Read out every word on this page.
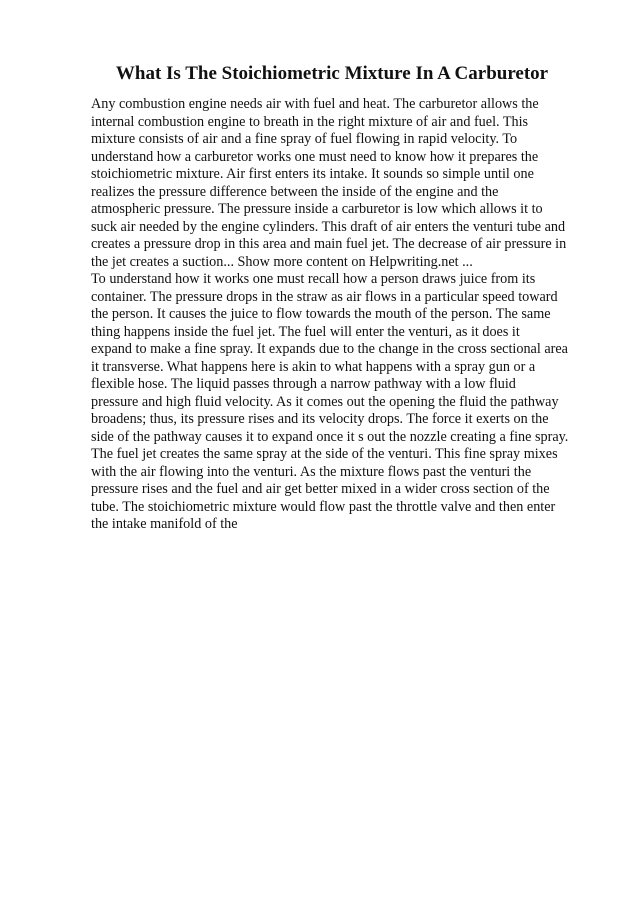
What Is The Stoichiometric Mixture In A Carburetor
Any combustion engine needs air with fuel and heat. The carburetor allows the
internal combustion engine to breath in the right mixture of air and fuel. This
mixture consists of air and a fine spray of fuel flowing in rapid velocity. To
understand how a carburetor works one must need to know how it prepares the
stoichiometric mixture. Air first enters its intake. It sounds so simple until one
realizes the pressure difference between the inside of the engine and the
atmospheric pressure. The pressure inside a carburetor is low which allows it to
suck air needed by the engine cylinders. This draft of air enters the venturi tube and
creates a pressure drop in this area and main fuel jet. The decrease of air pressure in
the jet creates a suction... Show more content on Helpwriting.net ...
To understand how it works one must recall how a person draws juice from its
container. The pressure drops in the straw as air flows in a particular speed toward
the person. It causes the juice to flow towards the mouth of the person. The same
thing happens inside the fuel jet. The fuel will enter the venturi, as it does it
expand to make a fine spray. It expands due to the change in the cross sectional area
it transverse. What happens here is akin to what happens with a spray gun or a
flexible hose. The liquid passes through a narrow pathway with a low fluid
pressure and high fluid velocity. As it comes out the opening the fluid the pathway
broadens; thus, its pressure rises and its velocity drops. The force it exerts on the
side of the pathway causes it to expand once it s out the nozzle creating a fine spray.
The fuel jet creates the same spray at the side of the venturi. This fine spray mixes
with the air flowing into the venturi. As the mixture flows past the venturi the
pressure rises and the fuel and air get better mixed in a wider cross section of the
tube. The stoichiometric mixture would flow past the throttle valve and then enter
the intake manifold of the
